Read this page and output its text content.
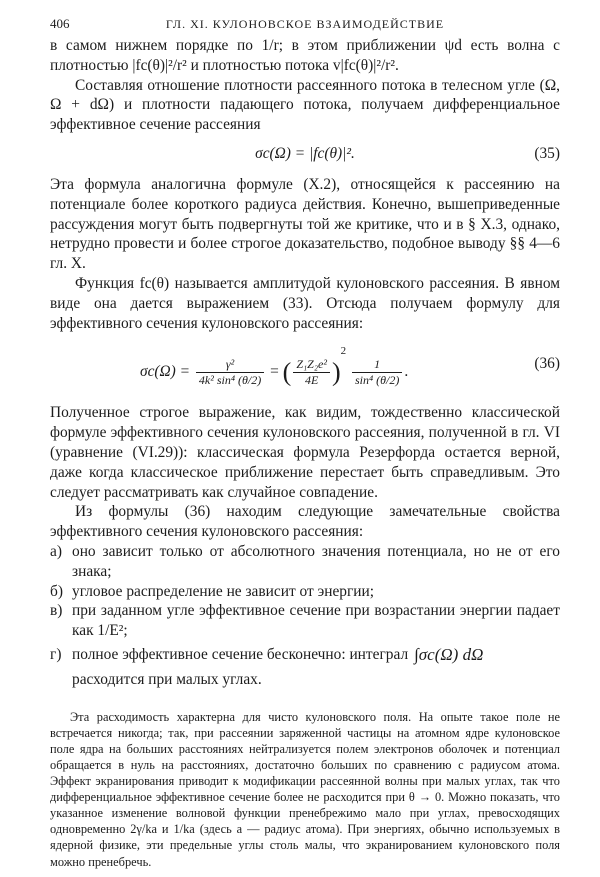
406	ГЛ. XI. КУЛОНОВСКОЕ ВЗАИМОДЕЙСТВИЕ

в самом нижнем порядке по 1/r; в этом приближении ψd есть волна с плотностью |fc(θ)|²/r² и плотностью потока v|fc(θ)|²/r².

Составляя отношение плотности рассеянного потока в телесном угле (Ω, Ω + dΩ) и плотности падающего потока, получаем дифференциальное эффективное сечение рассеяния

σc(Ω) = |fc(θ)|².	(35)

Эта формула аналогична формуле (X.2), относящейся к рассеянию на потенциале более короткого радиуса действия. Конечно, вышеприведенные рассуждения могут быть подвергнуты той же критике, что и в § X.3, однако, нетрудно провести и более строгое доказательство, подобное выводу §§ 4—6 гл. X.

Функция fc(θ) называется амплитудой кулоновского рассеяния. В явном виде она дается выражением (33). Отсюда получаем формулу для эффективного сечения кулоновского рассеяния:

$\sigma c(\Omega) = \frac{\text{γ²}}{\text{4k² sin⁴ (θ/2)}}$ = ( $\frac{\text{Z₁Z₂e²}}{4E} )^2$
$\frac{1}{\text{sin⁴ (θ/2)}}$ .	(36)

Полученное строгое выражение, как видим, тождественно классической формуле эффективного сечения кулоновского рассеяния, полученной в гл. VI (уравнение (VI.29)): классическая формула Резерфорда остается верной, даже когда классическое приближение перестает быть справедливым. Это следует рассматривать как случайное совпадение.

Из формулы (36) находим следующие замечательные свойства эффективного сечения кулоновского рассеяния:

а) оно зависит только от абсолютного значения потенциала, но не от его знака;
б) угловое распределение не зависит от энергии;
в) при заданном угле эффективное сечение при возрастании энергии падает как 1/E²;
г) полное эффективное сечение бесконечно: интеграл ∫σc(Ω) dΩ
расходится при малых углах.

Эта расходимость характерна для чисто кулоновского поля. На опыте такое поле не встречается никогда; так, при рассеянии заряженной частицы на атомном ядре кулоновское поле ядра на больших расстояниях нейтрализуется полем электронов оболочек и потенциал обращается в нуль на расстояниях, достаточно больших по сравнению с радиусом атома. Эффект экранирования приводит к модификации рассеянной волны при малых углах, так что дифференциальное эффективное сечение более не расходится при θ → 0. Можно показать, что указанное изменение волновой функции пренебрежимо мало при углах, превосходящих одновременно 2γ/ka и 1/ka (здесь a — радиус атома). При энергиях, обычно используемых в ядерной физике, эти предельные углы столь малы, что экранированием кулоновского поля можно пренебречь.
